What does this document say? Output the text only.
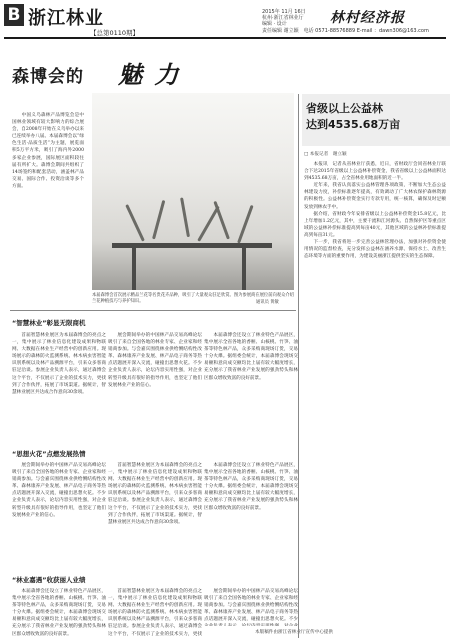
B 浙江林业
【总第0110期】
2015年 11月 16日
杭州·浙江省林业厅
编辑 · 设计	林村经济报
责任编辑 谢立颖　电话 0571-88576889 E-mail ：dawn306@163.com
森博会的 魅 力
　　中国义乌森林产品博览会是中国林业领域有较大影响力的综合展会，自2008年开始在义乌举办以来已连续举办八届。本届森博会以“绿色生活·品质生活”为主题，展览面积5万平方米，吸引了海内外2000多家企业参展，国际展区面积较往届有所扩大。森博会期间共组织了14场签约和配套活动，涵盖林产品交易、国际合作、投资洽谈等多个方面。
本届森博会首次展示精品兰花等名贵花卉品种，吸引了大量观众驻足欣赏。图为参展商在展位前向观众介绍兰花种植技巧与养护知识。	通讯员 黄敏
“智慧林业”彰显无限商机
　　首届智慧林业展区为本届森博会的亮点之一，集中展示了林业信息化建设成果和物联网、大数据在林业生产经营中的创新应用。现场展示的森林防火监测系统、林木病虫害智能识别系统以及林产品溯源平台，引来众多客商驻足洽谈。参展企业负责人表示，通过森博会这个平台，不仅展示了企业的技术实力，更找到了合作伙伴，拓展了市场渠道。据统计，智慧林业展区共达成合作意向30余项。
　　展会期间举办的中国林产品交易高峰论坛吸引了来自全国各地的林业专家、企业家和经销商参加。与会嘉宾围绕林业供给侧结构性改革、森林康养产业发展、林产品电子商务等热点话题展开深入交流，碰撞出思想火花。不少企业负责人表示，论坛内容实用性强，对企业转型升级具有很好的指导作用，也坚定了他们发展林业产业的信心。
　　本届森博会还设立了林业特色产品展区，集中展示全省各地的香榧、山核桃、竹笋、油茶等特色林产品，众多采购商现场订货，交易十分火爆。据组委会统计，本届森博会现场交易额和意向成交额均比上届有较大幅度增长，充分展示了我省林业产业发展的强劲势头和林区群众增收致富的良好前景。
“思想火花”点燃发展热情
　　展会期间举办的中国林产品交易高峰论坛吸引了来自全国各地的林业专家、企业家和经销商参加。与会嘉宾围绕林业供给侧结构性改革、森林康养产业发展、林产品电子商务等热点话题展开深入交流，碰撞出思想火花。不少企业负责人表示，论坛内容实用性强，对企业转型升级具有很好的指导作用，也坚定了他们发展林业产业的信心。
　　首届智慧林业展区为本届森博会的亮点之一，集中展示了林业信息化建设成果和物联网、大数据在林业生产经营中的创新应用。现场展示的森林防火监测系统、林木病虫害智能识别系统以及林产品溯源平台，引来众多客商驻足洽谈。参展企业负责人表示，通过森博会这个平台，不仅展示了企业的技术实力，更找到了合作伙伴，拓展了市场渠道。据统计，智慧林业展区共达成合作意向30余项。
　　本届森博会还设立了林业特色产品展区，集中展示全省各地的香榧、山核桃、竹笋、油茶等特色林产品，众多采购商现场订货，交易十分火爆。据组委会统计，本届森博会现场交易额和意向成交额均比上届有较大幅度增长，充分展示了我省林业产业发展的强劲势头和林区群众增收致富的良好前景。
“林业嘉遇”收获丽人业绩
　　本届森博会还设立了林业特色产品展区，集中展示全省各地的香榧、山核桃、竹笋、油茶等特色林产品，众多采购商现场订货，交易十分火爆。据组委会统计，本届森博会现场交易额和意向成交额均比上届有较大幅度增长，充分展示了我省林业产业发展的强劲势头和林区群众增收致富的良好前景。
　　首届智慧林业展区为本届森博会的亮点之一，集中展示了林业信息化建设成果和物联网、大数据在林业生产经营中的创新应用。现场展示的森林防火监测系统、林木病虫害智能识别系统以及林产品溯源平台，引来众多客商驻足洽谈。参展企业负责人表示，通过森博会这个平台，不仅展示了企业的技术实力，更找
　　展会期间举办的中国林产品交易高峰论坛吸引了来自全国各地的林业专家、企业家和经销商参加。与会嘉宾围绕林业供给侧结构性改革、森林康养产业发展、林产品电子商务等热点话题展开深入交流，碰撞出思想火花。不少
本版稿件由浙江省林业厅宣传中心提供
省级以上公益林
达到4535.68万亩
□ 本报记者　谢立颖
　　本报讯　记者从省林业厅获悉，近日，省财政厅会同省林业厅联合下达2015年省级以上公益林补偿资金，我省省级以上公益林面积达到4535.68万亩，占全省林业用地面积的近一半。
　　近年来，我省认真落实公益林管理各项政策，不断加大生态公益林建设力度，补偿标准逐年提高，有效调动了广大林农保护森林资源的积极性。公益林补偿资金实行专款专用，统一核算，确保及时足额发放到林农手中。
　　据介绍，省财政今年安排省级以上公益林补偿资金15.8亿元，比上年增加1.2亿元，其中，主要干流和江河源头、自然保护区等重点区域的公益林补偿标准提高到每亩40元，其他区域的公益林补偿标准提高到每亩31元。
　　下一步，我省将进一步完善公益林管理办法，加强对补偿资金使用情况的监督检查，充分发挥公益林在涵养水源、保持水土、改善生态环境等方面的重要作用，为建设美丽浙江提供坚实的生态保障。
